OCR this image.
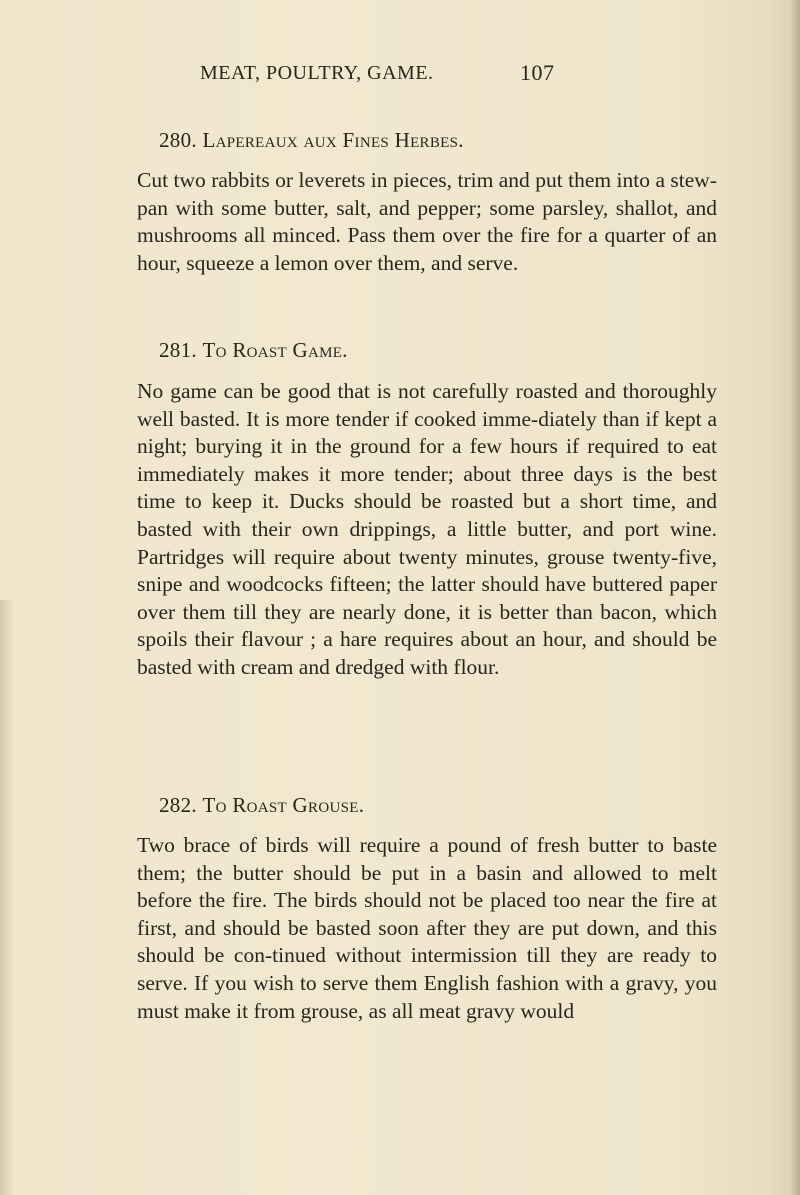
MEAT, POULTRY, GAME.	107
280. Lapereaux aux Fines Herbes.
Cut two rabbits or leverets in pieces, trim and put them into a stew-pan with some butter, salt, and pepper; some parsley, shallot, and mushrooms all minced. Pass them over the fire for a quarter of an hour, squeeze a lemon over them, and serve.
281. To Roast Game.
No game can be good that is not carefully roasted and thoroughly well basted. It is more tender if cooked imme-diately than if kept a night; burying it in the ground for a few hours if required to eat immediately makes it more tender; about three days is the best time to keep it. Ducks should be roasted but a short time, and basted with their own drippings, a little butter, and port wine. Partridges will require about twenty minutes, grouse twenty-five, snipe and woodcocks fifteen; the latter should have buttered paper over them till they are nearly done, it is better than bacon, which spoils their flavour ; a hare requires about an hour, and should be basted with cream and dredged with flour.
282. To Roast Grouse.
Two brace of birds will require a pound of fresh butter to baste them; the butter should be put in a basin and allowed to melt before the fire. The birds should not be placed too near the fire at first, and should be basted soon after they are put down, and this should be con-tinued without intermission till they are ready to serve. If you wish to serve them English fashion with a gravy, you must make it from grouse, as all meat gravy would
